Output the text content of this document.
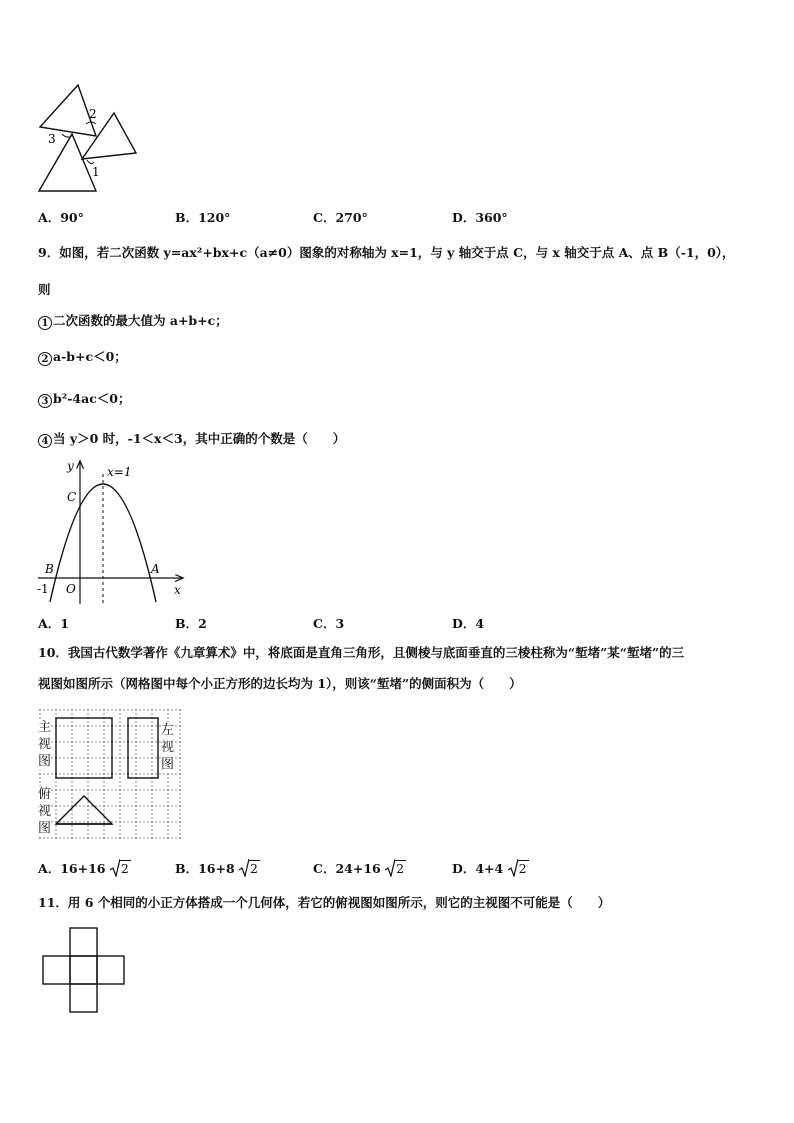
2
3
1
A．90°	B．120°	C．270°	D．360°
9．如图，若二次函数 y=ax²+bx+c（a≠0）图象的对称轴为 x=1，与 y 轴交于点 C，与 x 轴交于点 A、点 B（-1，0），
则
1 二次函数的最大值为 a+b+c；
2 a-b+c＜0；
3 b²-4ac＜0；
4 当 y＞0 时，-1＜x＜3，其中正确的个数是（　　）
y
x
x=1
C
B	A
O
-1
A．1	B．2	C．3	D．4
10．我国古代数学著作《九章算术》中，将底面是直角三角形，且侧棱与底面垂直的三棱柱称为“堑堵”某“堑堵”的三
视图如图所示（网格图中每个小正方形的边长均为 1），则该“堑堵”的侧面积为（　　）
主
视
图
左
视
图
俯
视
图
A．16+16 2	B．16+8 2	C．24+16 2	D．4+4 2
11．用 6 个相同的小正方体搭成一个几何体，若它的俯视图如图所示，则它的主视图不可能是（　　）
